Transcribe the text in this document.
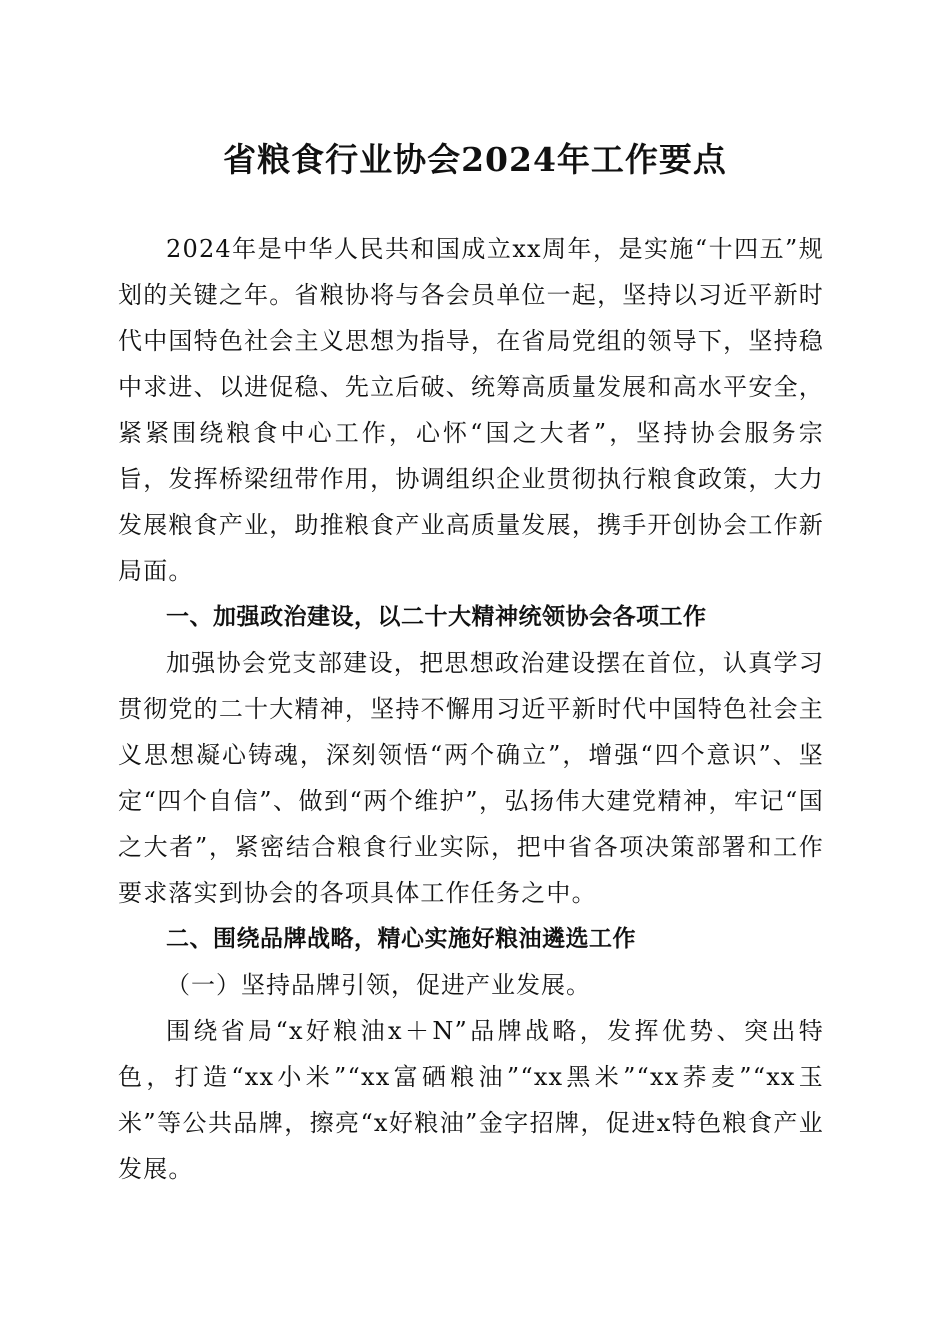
省粮食行业协会2024年工作要点

2024年是中华人民共和国成立xx周年，是实施“十四五”规划的关键之年。省粮协将与各会员单位一起，坚持以习近平新时代中国特色社会主义思想为指导，在省局党组的领导下，坚持稳中求进、以进促稳、先立后破、统筹高质量发展和高水平安全，紧紧围绕粮食中心工作，心怀“国之大者”，坚持协会服务宗旨，发挥桥梁纽带作用，协调组织企业贯彻执行粮食政策，大力发展粮食产业，助推粮食产业高质量发展，携手开创协会工作新局面。

一、加强政治建设，以二十大精神统领协会各项工作

加强协会党支部建设，把思想政治建设摆在首位，认真学习贯彻党的二十大精神，坚持不懈用习近平新时代中国特色社会主义思想凝心铸魂，深刻领悟“两个确立”，增强“四个意识”、坚定“四个自信”、做到“两个维护”，弘扬伟大建党精神，牢记“国之大者”，紧密结合粮食行业实际，把中省各项决策部署和工作要求落实到协会的各项具体工作任务之中。

二、围绕品牌战略，精心实施好粮油遴选工作

（一）坚持品牌引领，促进产业发展。

围绕省局“x好粮油x＋N”品牌战略，发挥优势、突出特色，打造“xx小米”“xx富硒粮油”“xx黑米”“xx荞麦”“xx玉米”等公共品牌，擦亮“x好粮油”金字招牌，促进x特色粮食产业发展。
